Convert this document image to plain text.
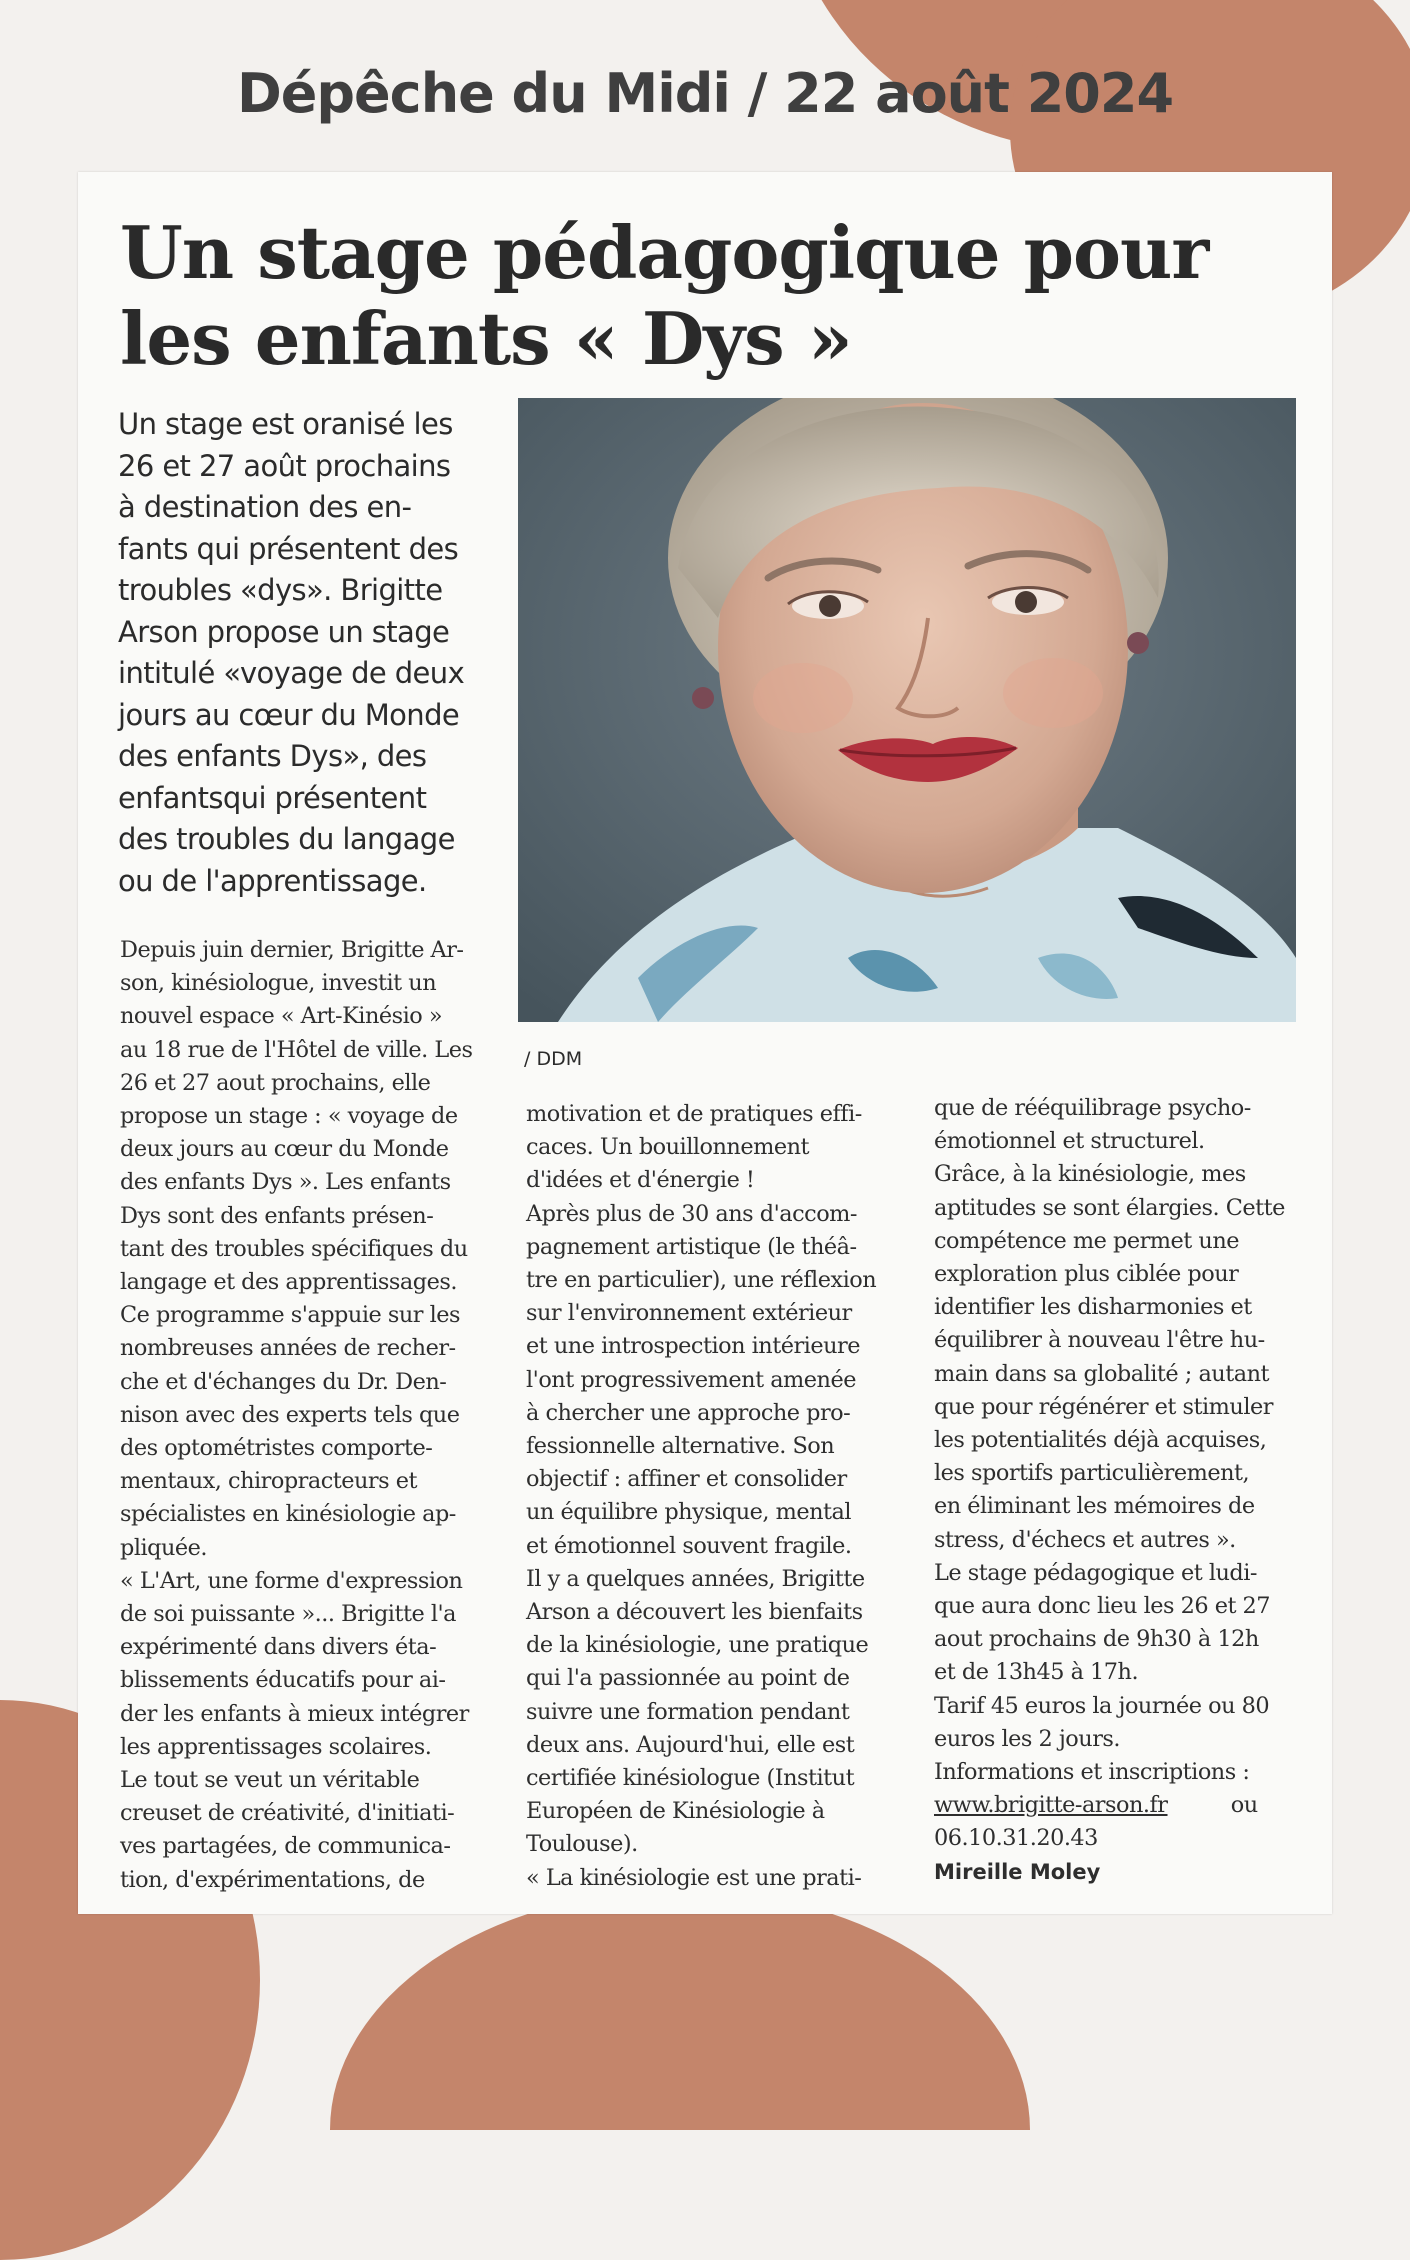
Dépêche du Midi / 22 août 2024
Un stage pédagogique pour
les enfants « Dys »

Un stage est oranisé les
26 et 27 août prochains
à destination des en-
fants qui présentent des
troubles «dys». Brigitte
Arson propose un stage
intitulé «voyage de deux
jours au cœur du Monde
des enfants Dys», des
enfantsqui présentent
des troubles du langage
ou de l'apprentissage.

/ DDM

Depuis juin dernier, Brigitte Ar-
son, kinésiologue, investit un
nouvel espace « Art-Kinésio »
au 18 rue de l'Hôtel de ville. Les
26 et 27 aout prochains, elle
propose un stage : « voyage de
deux jours au cœur du Monde
des enfants Dys ». Les enfants
Dys sont des enfants présen-
tant des troubles spécifiques du
langage et des apprentissages.
Ce programme s'appuie sur les
nombreuses années de recher-
che et d'échanges du Dr. Den-
nison avec des experts tels que
des optométristes comporte-
mentaux, chiropracteurs et
spécialistes en kinésiologie ap-
pliquée.
« L'Art, une forme d'expression
de soi puissante »... Brigitte l'a
expérimenté dans divers éta-
blissements éducatifs pour ai-
der les enfants à mieux intégrer
les apprentissages scolaires.
Le tout se veut un véritable
creuset de créativité, d'initiati-
ves partagées, de communica-
tion, d'expérimentations, de
motivation et de pratiques effi-
caces. Un bouillonnement
d'idées et d'énergie !
Après plus de 30 ans d'accom-
pagnement artistique (le théâ-
tre en particulier), une réflexion
sur l'environnement extérieur
et une introspection intérieure
l'ont progressivement amenée
à chercher une approche pro-
fessionnelle alternative. Son
objectif : affiner et consolider
un équilibre physique, mental
et émotionnel souvent fragile.
Il y a quelques années, Brigitte
Arson a découvert les bienfaits
de la kinésiologie, une pratique
qui l'a passionnée au point de
suivre une formation pendant
deux ans. Aujourd'hui, elle est
certifiée kinésiologue (Institut
Européen de Kinésiologie à
Toulouse).
« La kinésiologie est une prati-
que de rééquilibrage psycho-
émotionnel et structurel.
Grâce, à la kinésiologie, mes
aptitudes se sont élargies. Cette
compétence me permet une
exploration plus ciblée pour
identifier les disharmonies et
équilibrer à nouveau l'être hu-
main dans sa globalité ; autant
que pour régénérer et stimuler
les potentialités déjà acquises,
les sportifs particulièrement,
en éliminant les mémoires de
stress, d'échecs et autres ».
Le stage pédagogique et ludi-
que aura donc lieu les 26 et 27
aout prochains de 9h30 à 12h
et de 13h45 à 17h.
Tarif 45 euros la journée ou 80
euros les 2 jours.
Informations et inscriptions :
www.brigitte-arson.fr	ou
06.10.31.20.43
Mireille Moley
